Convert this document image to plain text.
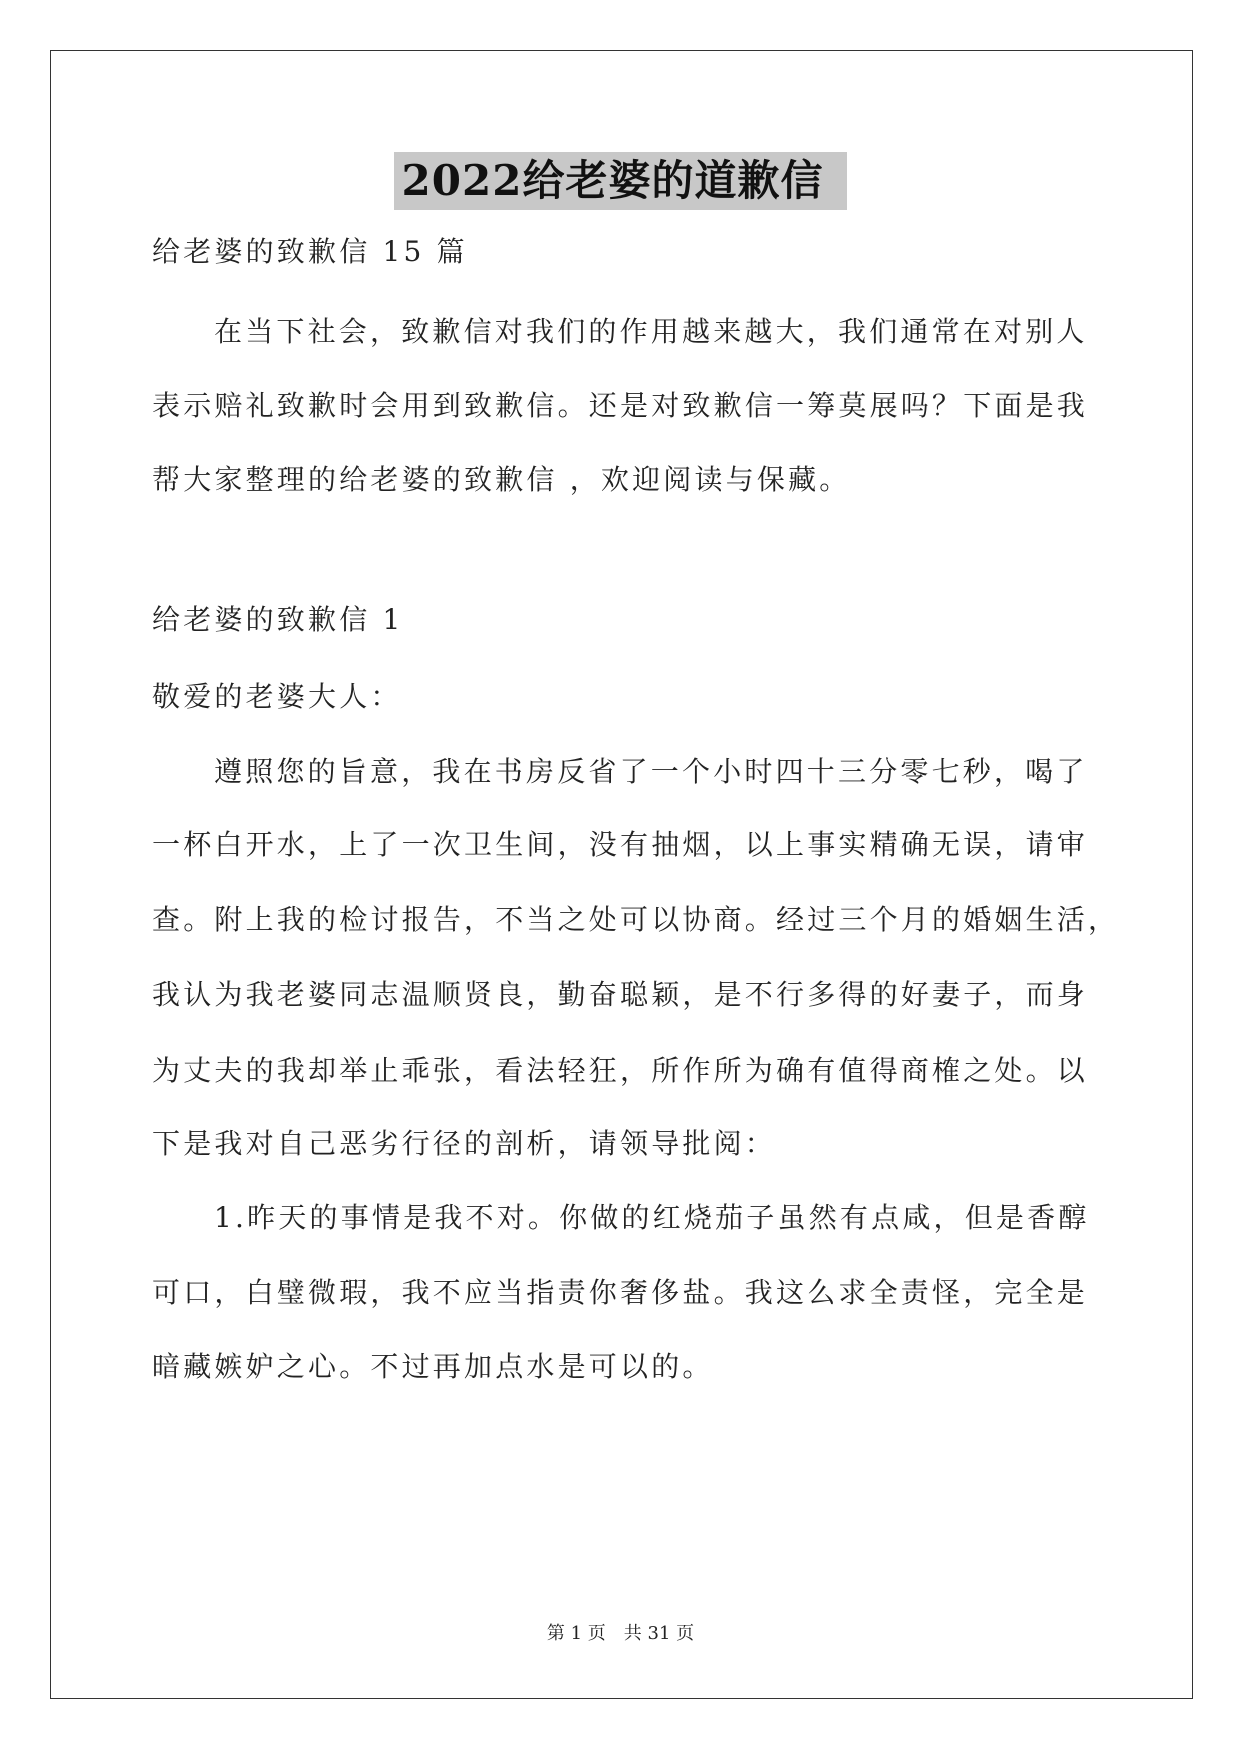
2022给老婆的道歉信
给老婆的致歉信 15 篇
在当下社会，致歉信对我们的作用越来越大，我们通常在对别人
表示赔礼致歉时会用到致歉信。还是对致歉信一筹莫展吗？下面是我
帮大家整理的给老婆的致歉信 ，欢迎阅读与保藏。
给老婆的致歉信 1
敬爱的老婆大人：
遵照您的旨意，我在书房反省了一个小时四十三分零七秒，喝了
一杯白开水，上了一次卫生间，没有抽烟，以上事实精确无误，请审
查。附上我的检讨报告，不当之处可以协商。经过三个月的婚姻生活，
我认为我老婆同志温顺贤良，勤奋聪颖，是不行多得的好妻子，而身
为丈夫的我却举止乖张，看法轻狂，所作所为确有值得商榷之处。以
下是我对自己恶劣行径的剖析，请领导批阅：
1.昨天的事情是我不对。你做的红烧茄子虽然有点咸，但是香醇
可口，白璧微瑕，我不应当指责你奢侈盐。我这么求全责怪，完全是
暗藏嫉妒之心。不过再加点水是可以的。
第 1 页　共 31 页
